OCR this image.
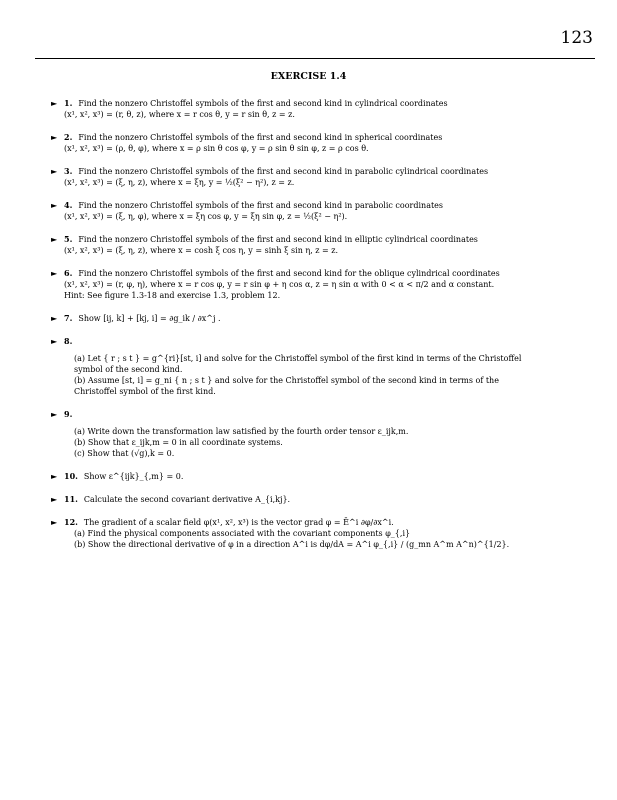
123
EXERCISE 1.4
► 1. Find the nonzero Christoffel symbols of the first and second kind in cylindrical coordinates
(x¹, x², x³) = (r, θ, z), where x = r cos θ, y = r sin θ, z = z.
► 2. Find the nonzero Christoffel symbols of the first and second kind in spherical coordinates
(x¹, x², x³) = (ρ, θ, φ), where x = ρ sin θ cos φ, y = ρ sin θ sin φ, z = ρ cos θ.
► 3. Find the nonzero Christoffel symbols of the first and second kind in parabolic cylindrical coordinates
(x¹, x², x³) = (ξ, η, z), where x = ξη, y = ½(ξ² − η²), z = z.
► 4. Find the nonzero Christoffel symbols of the first and second kind in parabolic coordinates
(x¹, x², x³) = (ξ, η, φ), where x = ξη cos φ, y = ξη sin φ, z = ½(ξ² − η²).
► 5. Find the nonzero Christoffel symbols of the first and second kind in elliptic cylindrical coordinates
(x¹, x², x³) = (ξ, η, z), where x = cosh ξ cos η, y = sinh ξ sin η, z = z.
► 6. Find the nonzero Christoffel symbols of the first and second kind for the oblique cylindrical coordinates
(x¹, x², x³) = (r, φ, η), where x = r cos φ, y = r sin φ + η cos α, z = η sin α with 0 < α < π/2 and α constant.
Hint: See figure 1.3-18 and exercise 1.3, problem 12.
► 7. Show [ij, k] + [kj, i] = ∂g_ik / ∂x^j .
► 8.
(a) Let { r ; s t } = g^{ri}[st, i] and solve for the Christoffel symbol of the first kind in terms of the Christoffel
symbol of the second kind.
(b) Assume [st, i] = g_ni { n ; s t } and solve for the Christoffel symbol of the second kind in terms of the
Christoffel symbol of the first kind.
► 9.
(a) Write down the transformation law satisfied by the fourth order tensor ε_ijk,m.
(b) Show that ε_ijk,m = 0 in all coordinate systems.
(c) Show that (√g),k = 0.
► 10. Show ε^{ijk}_{,m} = 0.
► 11. Calculate the second covariant derivative A_{i,kj}.
► 12. The gradient of a scalar field φ(x¹, x², x³) is the vector grad φ = Ē^i ∂φ/∂x^i.
(a) Find the physical components associated with the covariant components φ_{,i}
(b) Show the directional derivative of φ in a direction A^i is dφ/dA = A^i φ_{,i} / (g_mn A^m A^n)^{1/2}.
